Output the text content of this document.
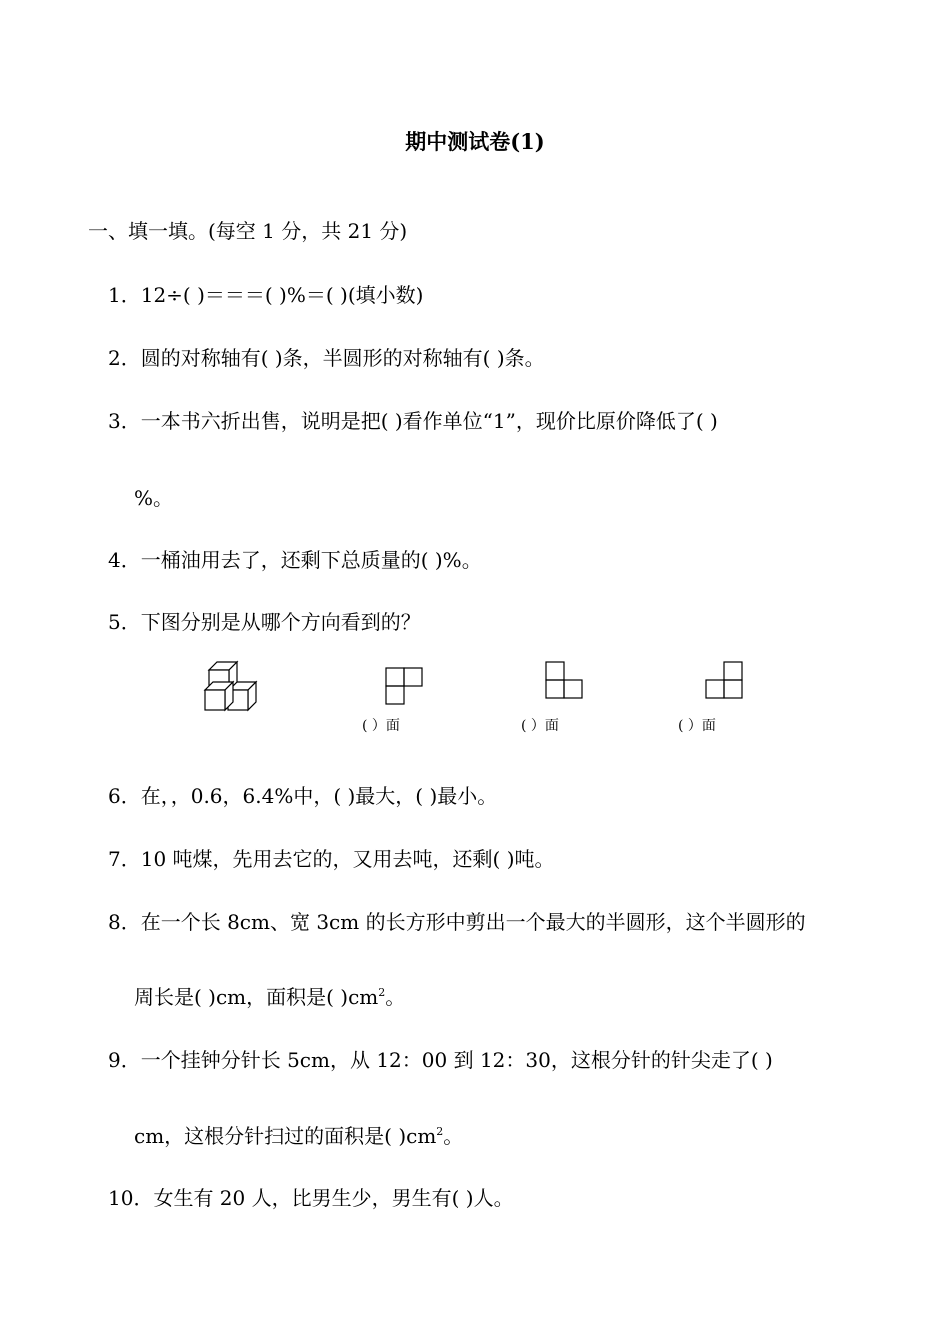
期中测试卷(1)
一、填一填。(每空 1 分，共 21 分)
1．12÷( )＝＝＝( )%＝( )(填小数)
2．圆的对称轴有( )条，半圆形的对称轴有( )条。
3．一本书六折出售，说明是把( )看作单位“1”，现价比原价降低了( )
%。
4．一桶油用去了，还剩下总质量的( )%。
5．下图分别是从哪个方向看到的？
( ）面	( ）面	( ）面
6．在，，0.6，6.4%中，( )最大，( )最小。
7．10 吨煤，先用去它的，又用去吨，还剩( )吨。
8．在一个长 8cm、宽 3cm 的长方形中剪出一个最大的半圆形，这个半圆形的
周长是( )cm，面积是( )$cm^2$。
9．一个挂钟分针长 5cm，从 12：00 到 12：30，这根分针的针尖走了( )
cm，这根分针扫过的面积是( )$cm^2$。
10．女生有 20 人，比男生少，男生有( )人。
